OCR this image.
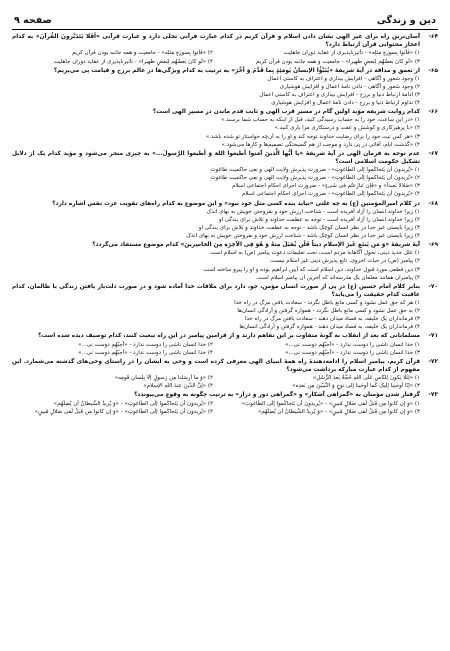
دین و زندگی
صفحه ۹
۶۴-
آسان‌ترین راه برای غیر الهی نشان دادن اسلام و قرآن کریم در کدام عبارت قرآنی تجلی دارد و عبارت قرآنی «اَفَلا یَتَدَبَّرونَ القُرآنَ» به کدام اعجاز محتوایی قرآن ارتباط دارد؟
۱) «فَأتوا بِسورَةٍ مِثلِه» - تأثیرناپذیری از عقاید دوران جاهلیت
۲) «فَأتوا بِسورَةٍ مِثلِه» - جامعیت و همه جانبه بودن قرآن کریم
۳) «لَو کانَ بَعضُهُم لِبَعضٍ ظَهیرا» - جامعیت و همه جانبه بودن قرآن کریم
۴) «لَو کانَ بَعضُهُم لِبَعضٍ ظَهیرا» - تأثیرناپذیری از عقاید دوران جاهلیت
۶۵-
از تعمق و مداقه در آیهٔ شریفهٔ «یُنَبَّؤُا الإنسانُ یَومَئِذٍ بِما قَدَّمَ وَ أخَّرَ» به ترتیب به کدام ویژگی‌ها در عالم برزخ و قیامت پی می‌بریم؟
۱) وجود شعور و آگاهی - افزایش بیداری و اعتراف به کاستی اعمال
۲) وجود شعور و آگاهی - دادن نامهٔ اعمال و افزایش هوشیاری
۳) ادامهٔ ارتباط دنیا و برزخ - افزایش بیداری و اعتراف به کاستی اعمال
۴) تداوم ارتباط دنیا و برزخ - دادن نامهٔ اعمال و افزایش هوشیاری
۶۶-
کدام روایت شریفه مؤید اولین گام در مسیر قرب الهی و ثابت قدم ماندن در مسیر الهی است؟
۱) «در این ساعت، خود را به حساب رسیدگی کنید، قبل از اینکه به حساب شما برسند.»
۲) «با پرهیزکاری و کوشش و عفت و درستکاری مرا یاری کنید.»
۳) «هر کس نیت خود را برای رضایت خداوند توجه کند و او را به آن‌چه خواستار تو شده باشد.»
۴) «گذشت ایام، آفاتی در پی دارد و موجب از هم گسیختگی تصمیم‌ها و کارها می‌شود.»
۶۷-
عدم توجه به فرمان الهی در آیهٔ شریفهٔ «یا أیُّها الَّذینَ آمَنوا أطیعوا اللهَ وَ أطیعوا الرَّسولَ...» به چیزی منجر می‌شود و مؤید کدام یک از دلایل تشکیل حکومت اسلامی است؟
۱) «یُریدونَ أن یَتَحاکَموا إلَی الطّاغوتِ» - ضرورت پذیرش ولایت الهی و نفی حاکمیت طاغوت
۲) «یُریدونَ أن یَتَحاکَموا إلَی الطّاغوتِ» - ضرورت پذیرش ولایت الهی و نفی حاکمیت طاغوت
۳) «ضَلالاً بَعیداً» و «فَإن تَنازَعتُم فی شَیءٍ» - ضرورت اجرای احکام اجتماعی اسلام
۴) «یُریدونَ أن یَتَحاکَموا إلَی الطّاغوتِ» - ضرورت اجرای احکام اجتماعی اسلام
۶۸-
در کلام امیرالمؤمنین (ع) به چه علتی «نباید بنده کسی مثل خود نبود» و این موضوع به کدام راه‌های تقویت عزت نفس اشاره دارد؟
۱) زیرا خداوند انسان را آزاد آفریده است - شناخت ارزش خود و نفروختن خویش به بهای اندک
۲) زیرا خداوند انسان را آزاد آفریده است - توجه به عظمت خداوند و تلاش برای بندگی او
۳) زیرا بایستی غیر خدا در نظر انسان کوچک باشد - توجه به عظمت خداوند و تلاش برای بندگی او
۴) زیرا بایستی غیر خدا در نظر انسان کوچک باشد - شناخت ارزش خود و نفروختن خویش به بهای اندک
۶۹-
آیهٔ شریفهٔ «وَ مَن یَبتَغِ غَیرَ الإسلامِ دیناً فَلَن یُقبَلَ مِنهُ وَ هُوَ فِی الآخِرَةِ مِنَ الخاسِرینَ» کدام موضوع مستفاد می‌گردد؟
۱) علل جدید دینی، تحول آگاهانهٔ مردم است، تحت تعلیمات دعوت پیامبر (ص) به اسلام است.
۲) پیامبر (ص) در حیات اخروی، تابع پذیرش دینی غیر اسلام نیست.
۳) دین قطعی مورد قبول خداوند، دین اسلام است که آیین ابراهیم بوده و او را پیرو ساخته است.
۴) پیامبران همانند معلمان یک مدرسه‌اند که آخرین آن پیامبر اسلام است.
۷۰-
بنابر کلام امام حسین (ع) در پی از صورت انسان مؤمن، جو، دارد برای ملاقات خدا آماده شود و در صورت ذلت‌بار یافتن زندگی با ظالمان، کدام عاقبت کدام حقیقت را می‌یابد؟
۱) هر که حق عمل نشود و کسی مانع باطل نگردد - سعادت یافتن مرگ در راه خدا
۲) به حق عمل نشود و کسی مانع باطل نگردد - همواره گرفتن و آرادگی انسان‌ها
۳) فرمانداران یک خلیفه، به فساد میدان دهند - سعادت یافتن مرگ در راه خدا
۴) فرمانداران یک خلیفه، به فساد میدان دهند - همواره گرفتن و آرادگی انسان‌ها
۷۱-
مسلمانانی که بعد از انقلاب به گونهٔ متفاوت بر این تفاهم دارند و از فرامین پیامبر در این راه تبعیت کنند، کدام توصیف دیده شده است؟
۱) خدا انسان ناشی را دوست ندارد - «اُحِبّهُم دوست نی...»
۲) خدا انسان ناشی را دوست ندارد - «اُحِبّهُم دوست نی...»
۳) خدا انسان ناشی را دوست ندارد - «اُحِبّهُم دوست نی...»
۴) خدا انسان ناشی را دوست ندارد - «اُحِبّهُم دوست نی...»
۷۲-
قرآن کریم، پیامبر اسلام را ادامه‌دهندهٔ راه همهٔ انبیای الهی معرفی کرده است و وحی به ایشان را در راستای وحی‌های گذشته می‌شمارد. این مفهوم از کدام عبارت مبارکه برداشت می‌شود؟
۱) «لِئَلّا یَکونَ لِلنّاسِ عَلَی اللهِ حُجَّةٌ بَعدَ الرُّسُلِ»
۲) «وَ ما أرسَلنا مِن رَسولٍ إلّا بِلِسانِ قَومِه»
۳) «إنّا أوحَینا إلَیکَ کَما أوحَینا إلی نوحٍ وَ النَّبیّینَ مِن بَعدِه»
۴) «إنَّ الدّینَ عِندَ اللهِ الإسلام»
۷۳-
گرفتار شدن مؤمنان به «گمراهی آشکار» و «گمراهی دور و دراز» به ترتیب چگونه به وقوع می‌پیوندد؟
۱) «وَ إن کانوا مِن قَبلُ لَفی ضَلالٍ مُبینٍ» - «یُریدونَ أن یَتَحاکَموا إلَی الطّاغوتِ»
۲) «یُریدونَ أن یَتَحاکَموا إلَی الطّاغوتِ» - «وَ یُریدُ الشَّیطانُ أن یُضِلَّهُم»
۳) «وَ إن کانوا مِن قَبلُ لَفی ضَلالٍ مُبینٍ» - «وَ یُریدُ الشَّیطانُ أن یُضِلَّهُم»
۴) «یُریدونَ أن یَتَحاکَموا إلَی الطّاغوتِ» - «وَ إن کانوا مِن قَبلُ لَفی ضَلالٍ مُبینٍ»
